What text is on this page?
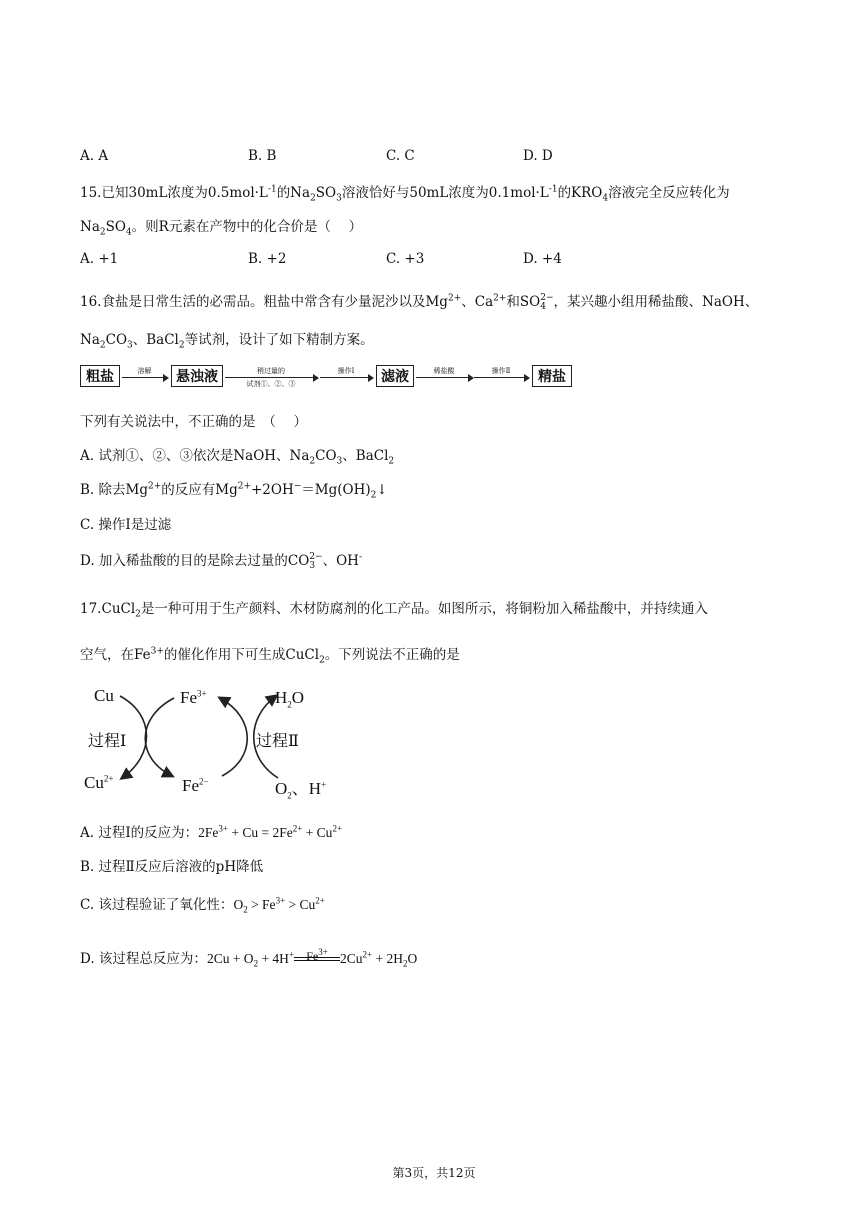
A. A	B. B	C. C	D. D
15.已知30mL浓度为$0.5mol\cdot L^{-1}$的$Na_2SO_3$溶液恰好与50mL浓度为$0.1mol\cdot L^{-1}$的$KRO_4$溶液完全反应转化为
$Na_2SO_4$。则R元素在产物中的化合价是（　 ）
A. +1	B. +2	C. +3	D. +4
16.食盐是日常生活的必需品。粗盐中常含有少量泥沙以及$Mg^{2+}$、$Ca^{2+}$和SO 2−
4 ，某兴趣小组用稀盐酸、NaOH、
$Na_2CO_3$、BaCl$_2$等试剂，设计了如下精制方案。
粗盐	溶解	悬浊液	稍过量的
试剂①、②、③
操作Ⅰ	滤液	稀盐酸	操作Ⅱ	精盐
下列有关说法中，不正确的是　（　 ）
A. 试剂①、②、③依次是NaOH、$Na_2CO_3$、BaCl$_2$
B. 除去$Mg^{2+}$的反应有$Mg^{2+}+2OH^-=Mg(OH)_2↓$
C. 操作Ⅰ是过滤
D. 加入稀盐酸的目的是除去过量的CO 2−
3 、OH-
17.CuCl$_2$是一种可用于生产颜料、木材防腐剂的化工产品。如图所示，将铜粉加入稀盐酸中，并持续通入
空气，在$Fe^{3+}$的催化作用下可生成CuCl$_2$。下列说法不正确的是
Cu	$Fe^{3+}$	$H_2O$
过程Ⅰ	过程Ⅱ
$Cu^{2+}$	$Fe^{2-}$	$O_2$、H+
A. 过程Ⅰ的反应为：$2Fe^{3+} + Cu = 2Fe^{2+} + Cu^{2+}$
B. 过程Ⅱ反应后溶液的pH降低
C. 该过程验证了氧化性：$O_2 > Fe^{3+} > Cu^{2+}$
D. 该过程总反应为：$2Cu + O_2 + 4H^+$	$Fe^{3+}$ $2Cu^{2+} + 2H_2O$
第3页，共12页
